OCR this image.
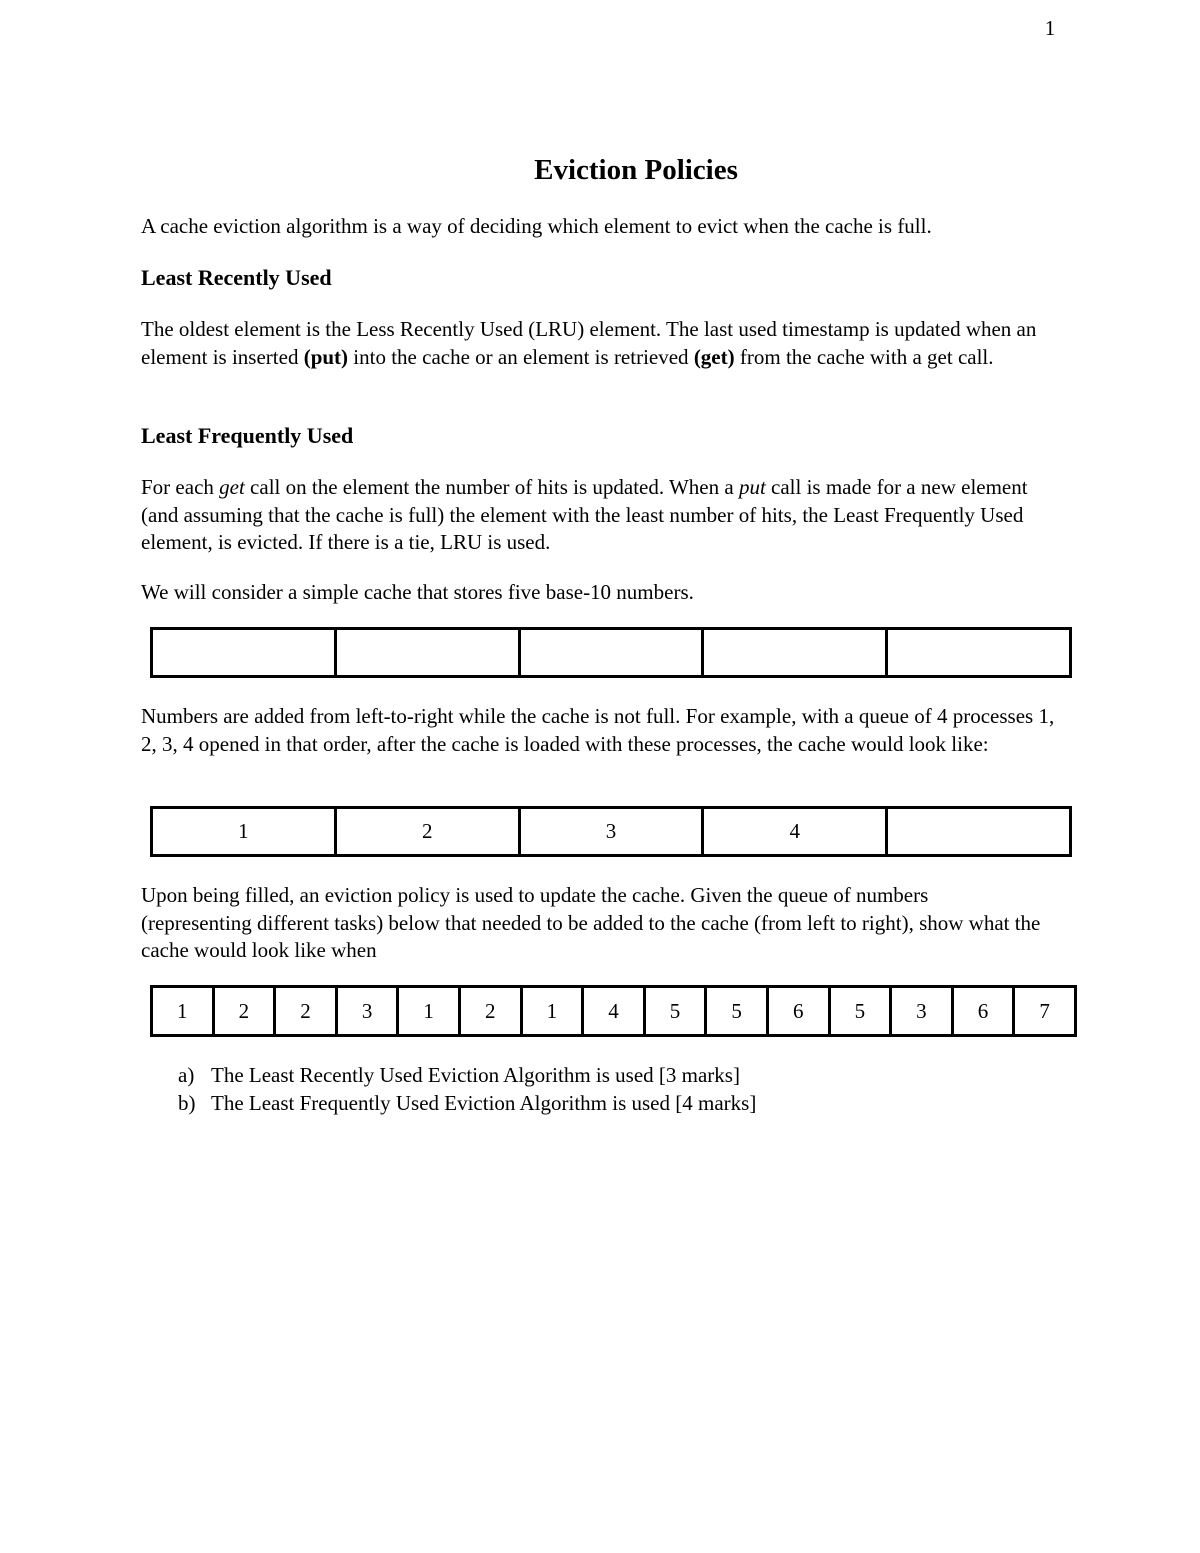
1
Eviction Policies

A cache eviction algorithm is a way of deciding which element to evict when the cache is full.

Least Recently Used

The oldest element is the Less Recently Used (LRU) element. The last used timestamp is updated when an element is inserted (put) into the cache or an element is retrieved (get) from the cache with a get call.

Least Frequently Used

For each get call on the element the number of hits is updated. When a put call is made for a new element (and assuming that the cache is full) the element with the least number of hits, the Least Frequently Used element, is evicted. If there is a tie, LRU is used.

We will consider a simple cache that stores five base-10 numbers.

Numbers are added from left-to-right while the cache is not full. For example, with a queue of 4 processes 1, 2, 3, 4 opened in that order, after the cache is loaded with these processes, the cache would look like:

1	2	3	4	

Upon being filled, an eviction policy is used to update the cache. Given the queue of numbers (representing different tasks) below that needed to be added to the cache (from left to right), show what the cache would look like when

1	2	2	3	1	2	1	4	5	5	6	5	3	6	7
a) The Least Recently Used Eviction Algorithm is used [3 marks]
b) The Least Frequently Used Eviction Algorithm is used [4 marks]
